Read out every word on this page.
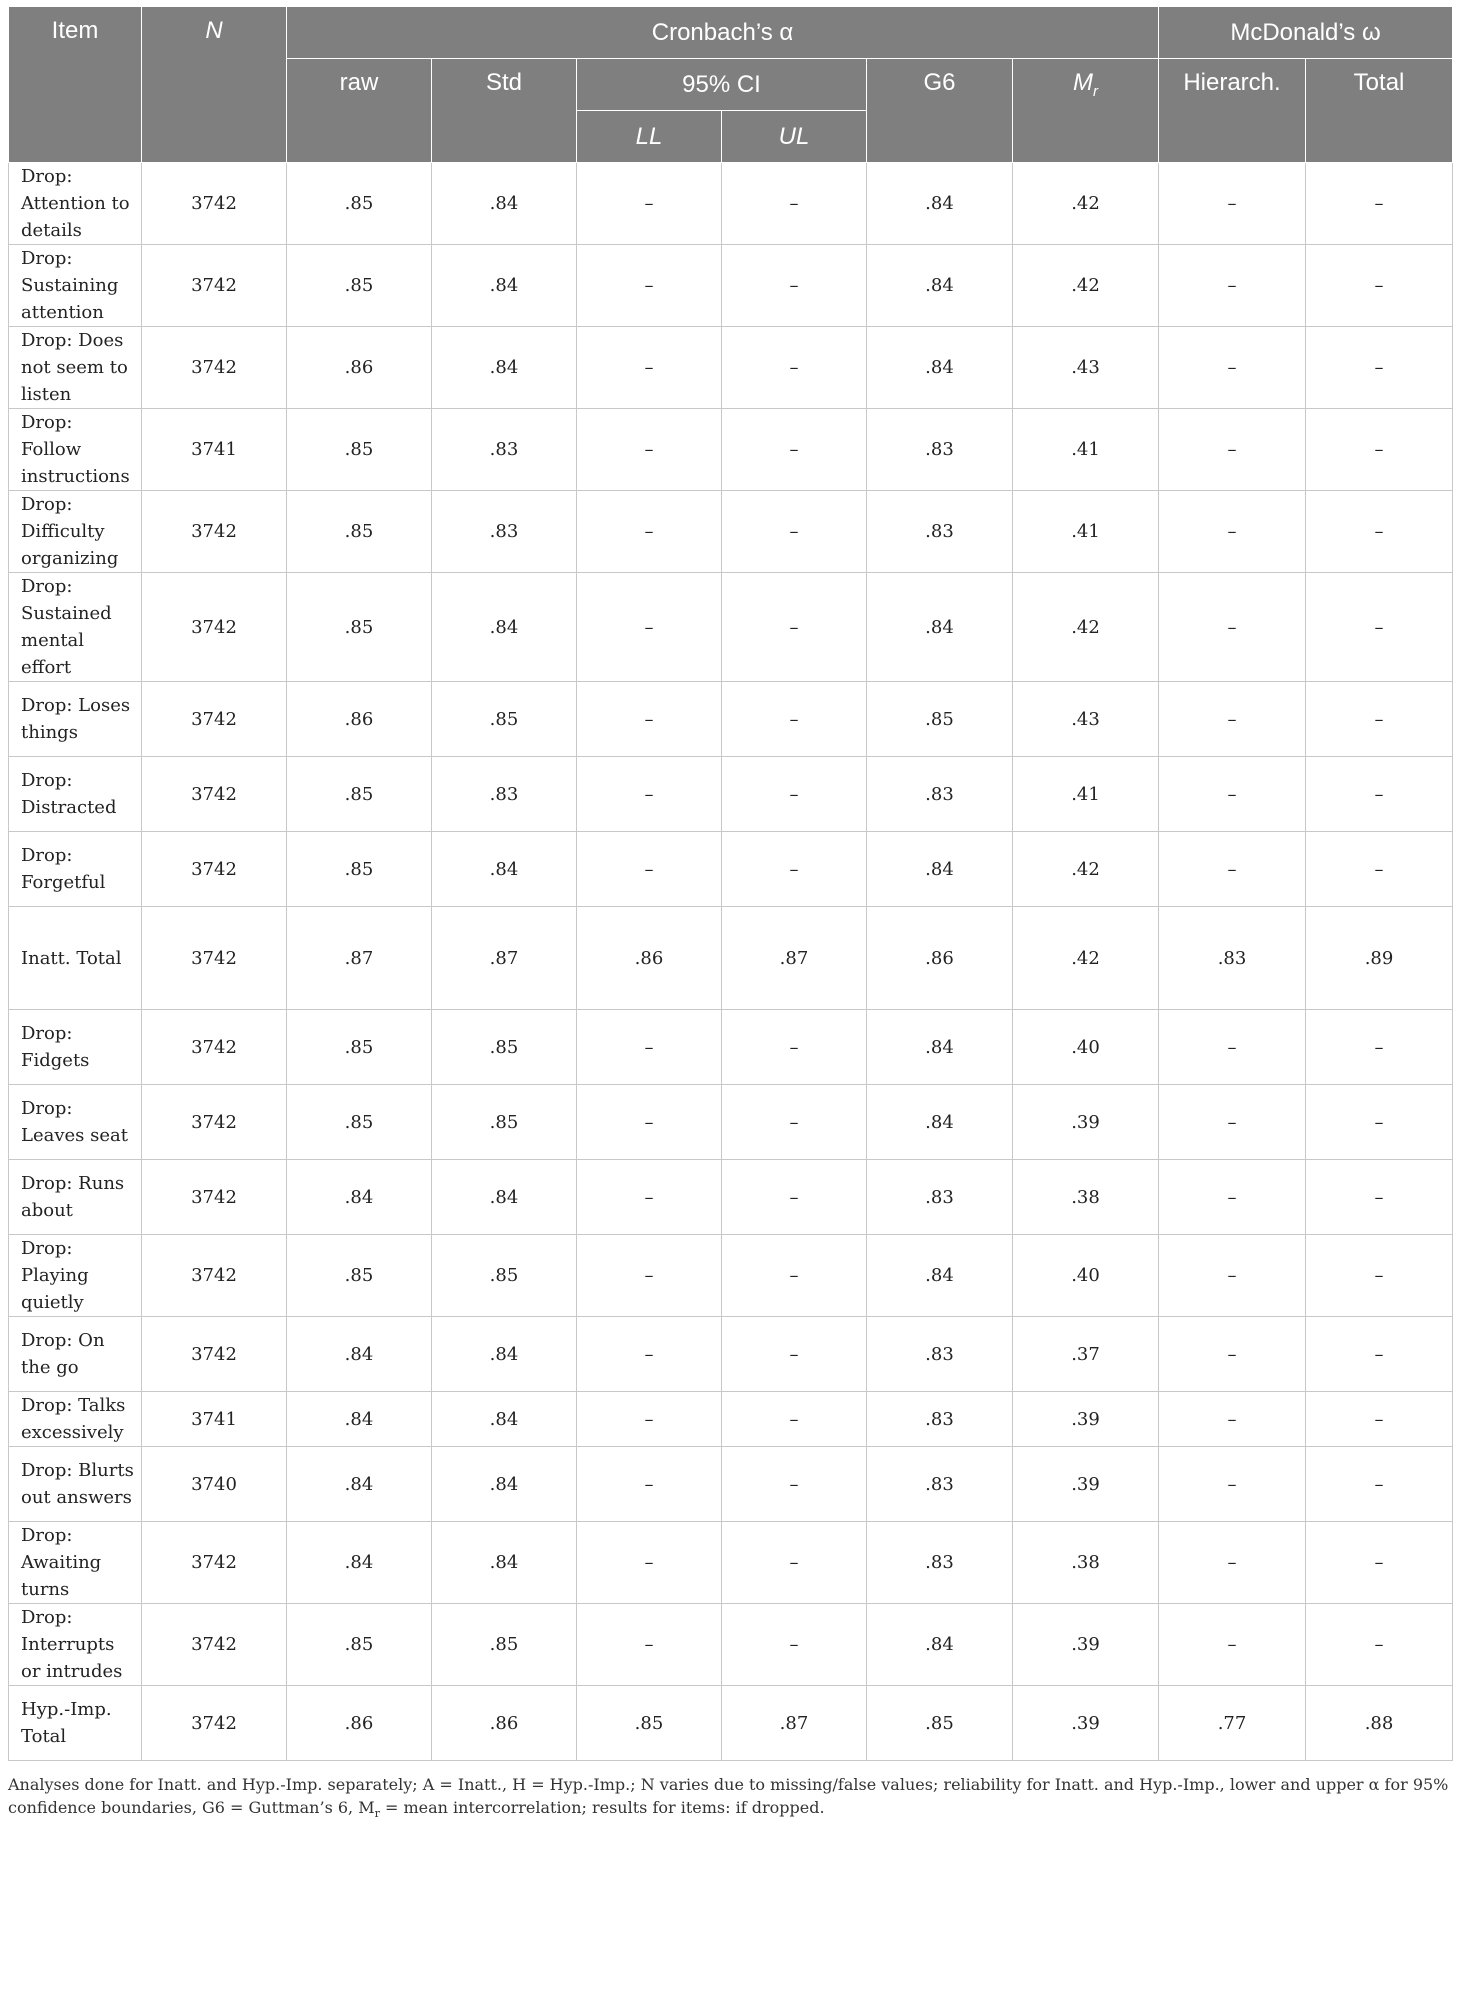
Item	N	Cronbach’s α						McDonald’s ω	
		raw	Std	95% CI		G6	$M_r$	Hierarch.	Total
				LL	UL				
Drop: Attention to details	3742	.85	.84	–	–	.84	.42	–	–
Drop: Sustaining attention	3742	.85	.84	–	–	.84	.42	–	–
Drop: Does not seem to listen	3742	.86	.84	–	–	.84	.43	–	–
Drop: Follow instructions	3741	.85	.83	–	–	.83	.41	–	–
Drop: Difficulty organizing	3742	.85	.83	–	–	.83	.41	–	–
Drop: Sustained mental effort	3742	.85	.84	–	–	.84	.42	–	–
Drop: Loses things	3742	.86	.85	–	–	.85	.43	–	–
Drop: Distracted	3742	.85	.83	–	–	.83	.41	–	–
Drop: Forgetful	3742	.85	.84	–	–	.84	.42	–	–
Inatt. Total	3742	.87	.87	.86	.87	.86	.42	.83	.89
Drop: Fidgets	3742	.85	.85	–	–	.84	.40	–	–
Drop: Leaves seat	3742	.85	.85	–	–	.84	.39	–	–
Drop: Runs about	3742	.84	.84	–	–	.83	.38	–	–
Drop: Playing quietly	3742	.85	.85	–	–	.84	.40	–	–
Drop: On the go	3742	.84	.84	–	–	.83	.37	–	–
Drop: Talks excessively	3741	.84	.84	–	–	.83	.39	–	–
Drop: Blurts out answers	3740	.84	.84	–	–	.83	.39	–	–
Drop: Awaiting turns	3742	.84	.84	–	–	.83	.38	–	–
Drop: Interrupts or intrudes	3742	.85	.85	–	–	.84	.39	–	–
Hyp.-Imp. Total	3742	.86	.86	.85	.87	.85	.39	.77	.88
Analyses done for Inatt. and Hyp.-Imp. separately; A = Inatt., H = Hyp.-Imp.; N varies due to missing/false values; reliability for Inatt. and Hyp.-Imp., lower and upper α for 95% confidence boundaries, G6 = Guttman’s 6, $M_r$ = mean intercorrelation; results for items: if dropped.
